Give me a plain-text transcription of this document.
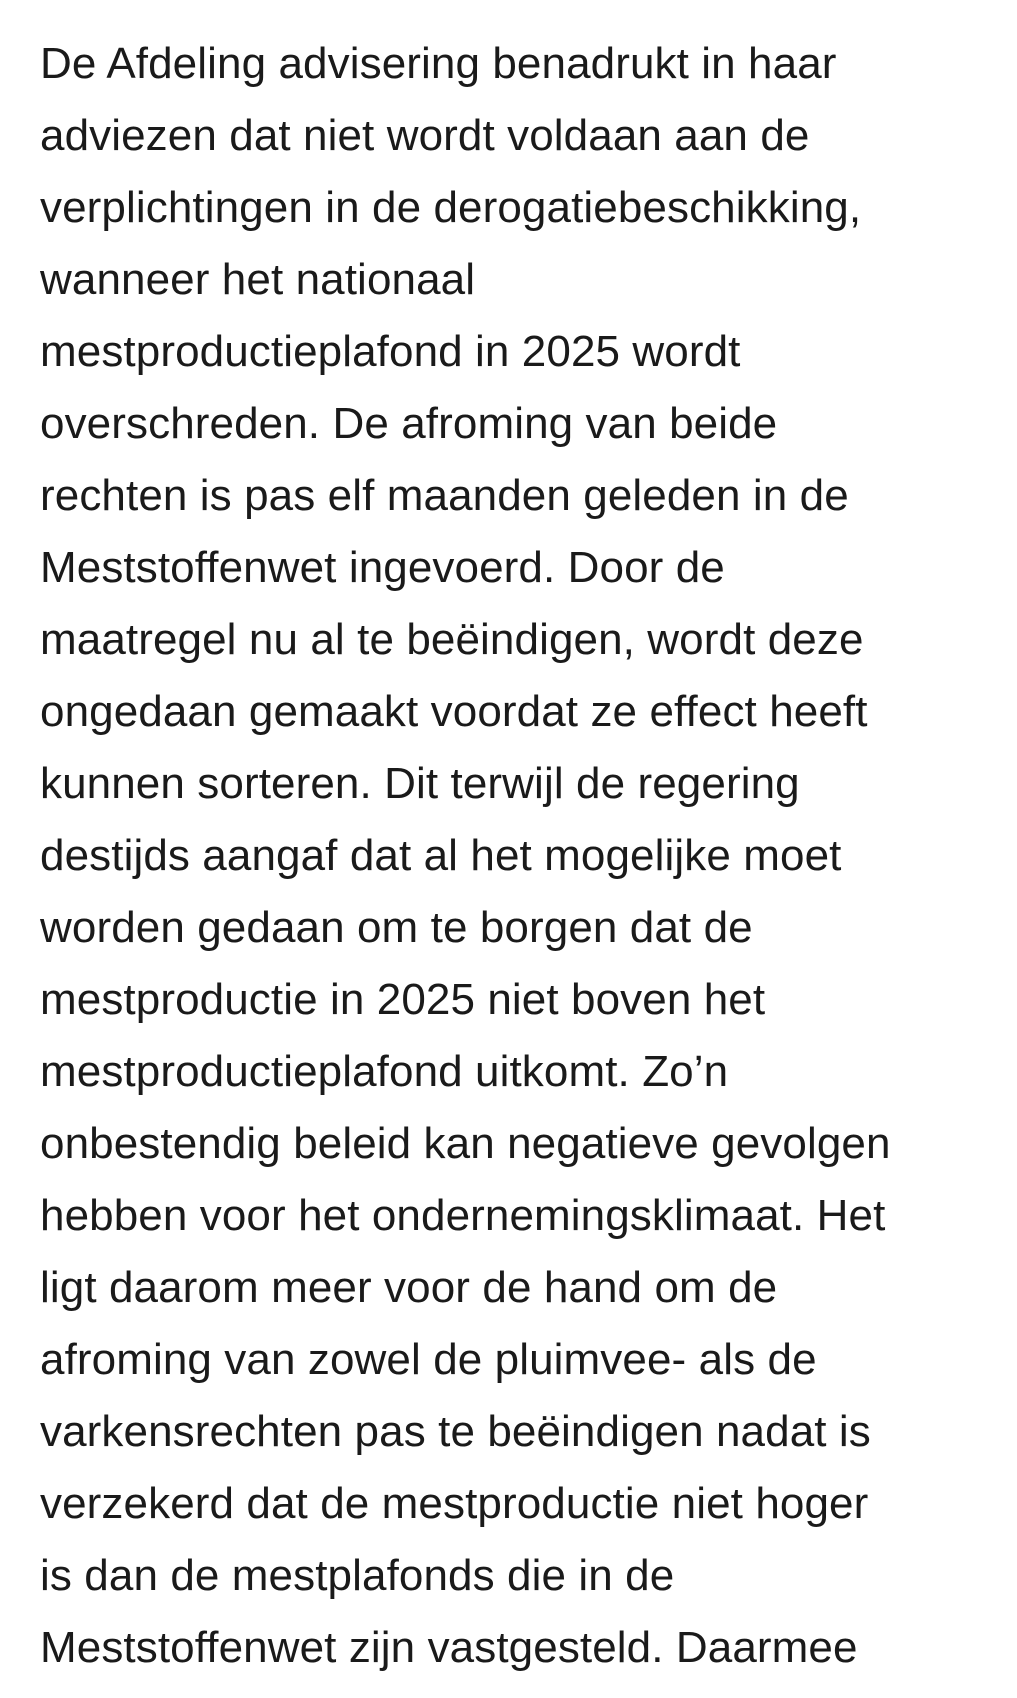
De Afdeling advisering benadrukt in haar
adviezen dat niet wordt voldaan aan de
verplichtingen in de derogatiebeschikking,
wanneer het nationaal
mestproductieplafond in 2025 wordt
overschreden. De afroming van beide
rechten is pas elf maanden geleden in de
Meststoffenwet ingevoerd. Door de
maatregel nu al te beëindigen, wordt deze
ongedaan gemaakt voordat ze effect heeft
kunnen sorteren. Dit terwijl de regering
destijds aangaf dat al het mogelijke moet
worden gedaan om te borgen dat de
mestproductie in 2025 niet boven het
mestproductieplafond uitkomt. Zo’n
onbestendig beleid kan negatieve gevolgen
hebben voor het ondernemingsklimaat. Het
ligt daarom meer voor de hand om de
afroming van zowel de pluimvee- als de
varkensrechten pas te beëindigen nadat is
verzekerd dat de mestproductie niet hoger
is dan de mestplafonds die in de
Meststoffenwet zijn vastgesteld. Daarmee
